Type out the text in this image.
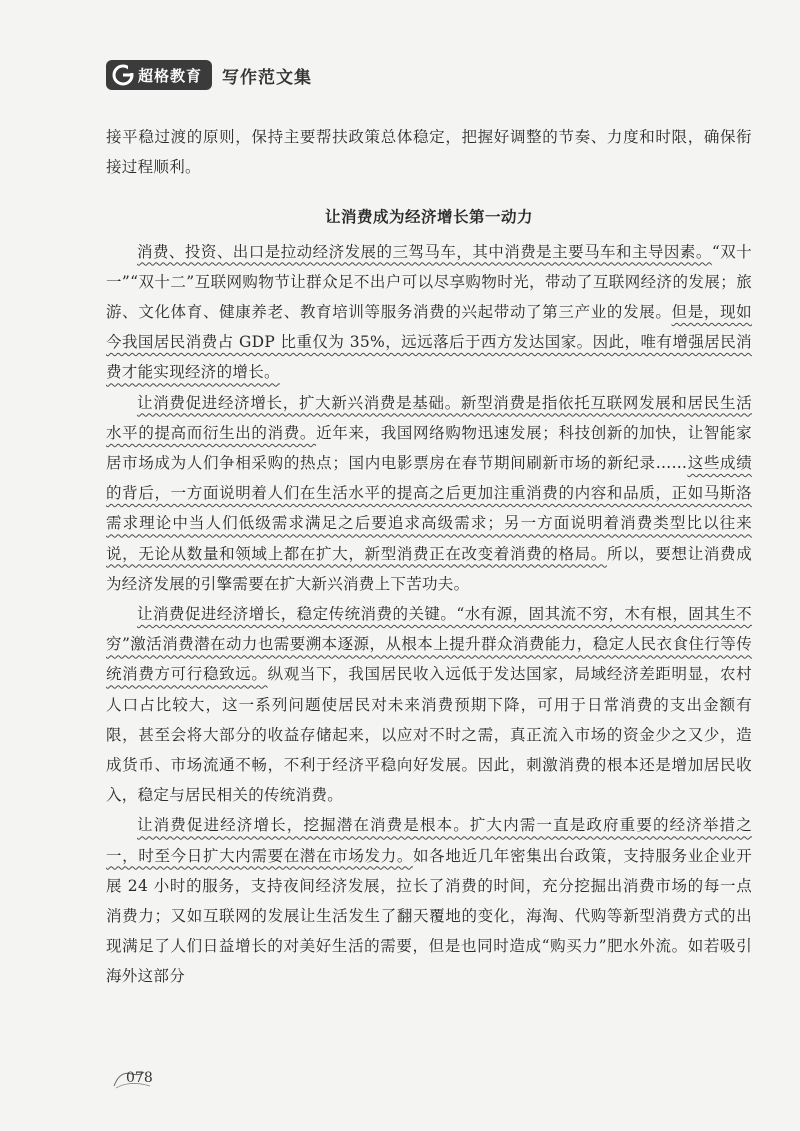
超格教育 写作范文集

接平稳过渡的原则，保持主要帮扶政策总体稳定，把握好调整的节奏、力度和时限，确保衔接过程顺利。

让消费成为经济增长第一动力

消费、投资、出口是拉动经济发展的三驾马车，其中消费是主要马车和主导因素。“双十一”“双十二”互联网购物节让群众足不出户可以尽享购物时光，带动了互联网经济的发展；旅游、文化体育、健康养老、教育培训等服务消费的兴起带动了第三产业的发展。但是，现如今我国居民消费占 GDP 比重仅为 35%，远远落后于西方发达国家。因此，唯有增强居民消费才能实现经济的增长。

让消费促进经济增长，扩大新兴消费是基础。新型消费是指依托互联网发展和居民生活水平的提高而衍生出的消费。近年来，我国网络购物迅速发展；科技创新的加快，让智能家居市场成为人们争相采购的热点；国内电影票房在春节期间刷新市场的新纪录……这些成绩的背后，一方面说明着人们在生活水平的提高之后更加注重消费的内容和品质，正如马斯洛需求理论中当人们低级需求满足之后要追求高级需求；另一方面说明着消费类型比以往来说，无论从数量和领域上都在扩大，新型消费正在改变着消费的格局。所以，要想让消费成为经济发展的引擎需要在扩大新兴消费上下苦功夫。

让消费促进经济增长，稳定传统消费的关键。“水有源，固其流不穷，木有根，固其生不穷”激活消费潜在动力也需要溯本逐源，从根本上提升群众消费能力，稳定人民衣食住行等传统消费方可行稳致远。纵观当下，我国居民收入远低于发达国家，局域经济差距明显，农村人口占比较大，这一系列问题使居民对未来消费预期下降，可用于日常消费的支出金额有限，甚至会将大部分的收益存储起来，以应对不时之需，真正流入市场的资金少之又少，造成货币、市场流通不畅，不利于经济平稳向好发展。因此，刺激消费的根本还是增加居民收入，稳定与居民相关的传统消费。

让消费促进经济增长，挖掘潜在消费是根本。扩大内需一直是政府重要的经济举措之一，时至今日扩大内需要在潜在市场发力。如各地近几年密集出台政策，支持服务业企业开展 24 小时的服务，支持夜间经济发展，拉长了消费的时间，充分挖掘出消费市场的每一点消费力；又如互联网的发展让生活发生了翻天覆地的变化，海淘、代购等新型消费方式的出现满足了人们日益增长的对美好生活的需要，但是也同时造成“购买力”肥水外流。如若吸引海外这部分

078
